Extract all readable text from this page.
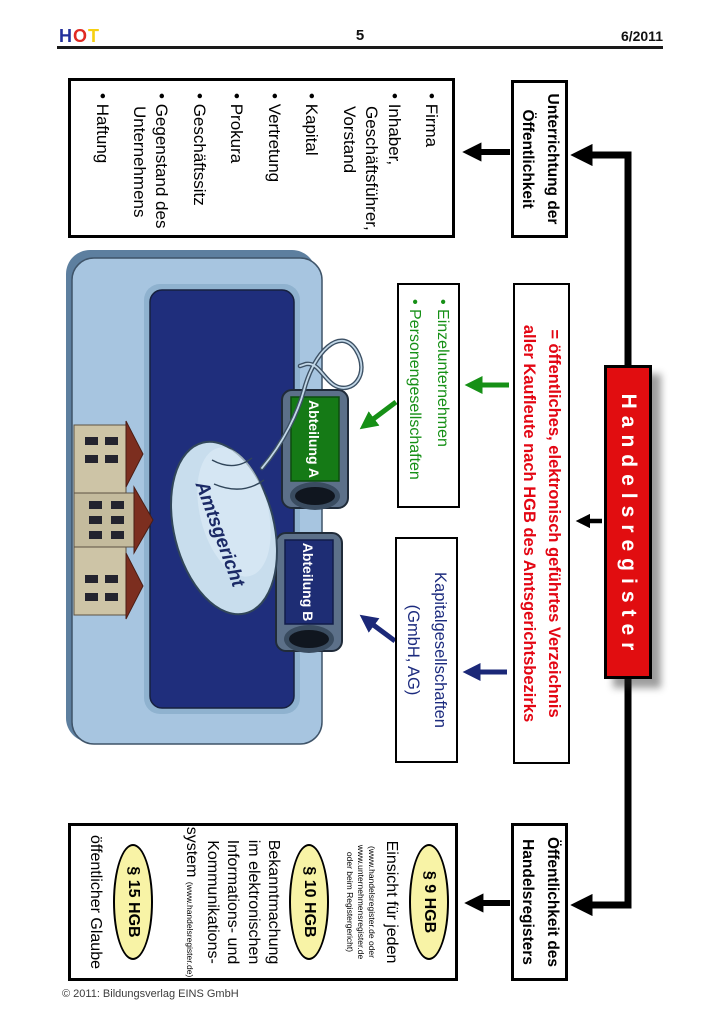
HOT	5	6/2011
Abteilung A
Abteilung B
Amtsgericht	Handelsregister
Unterrichtung der
Öffentlichkeit
Öffentlichkeit des
Handelsregisters
= öffentliches, elektronisch geführtes Verzeichnis
aller Kaufleute nach HGB des Amtsgerichtsbezirks
• Firma
• Inhaber, Geschäftsführer, Vorstand
• Kapital
• Vertretung
• Prokura
• Geschäftssitz
• Gegenstand des Unternehmens
• Haftung
• Einzelunternehmen
• Personengesellschaften
Kapitalgesellschaften
(GmbH, AG)
§ 9 HGB
Einsicht für jeden
(www.handelsregister.de oder
www.unternehmensregister.de
oder beim Registergericht)
§ 10 HGB
Bekanntmachung
im elektronischen
Informations- und
Kommunikations-
system (www.handelsregister.de)
§ 15 HGB
öffentlicher Glaube
© 2011: Bildungsverlag EINS GmbH
